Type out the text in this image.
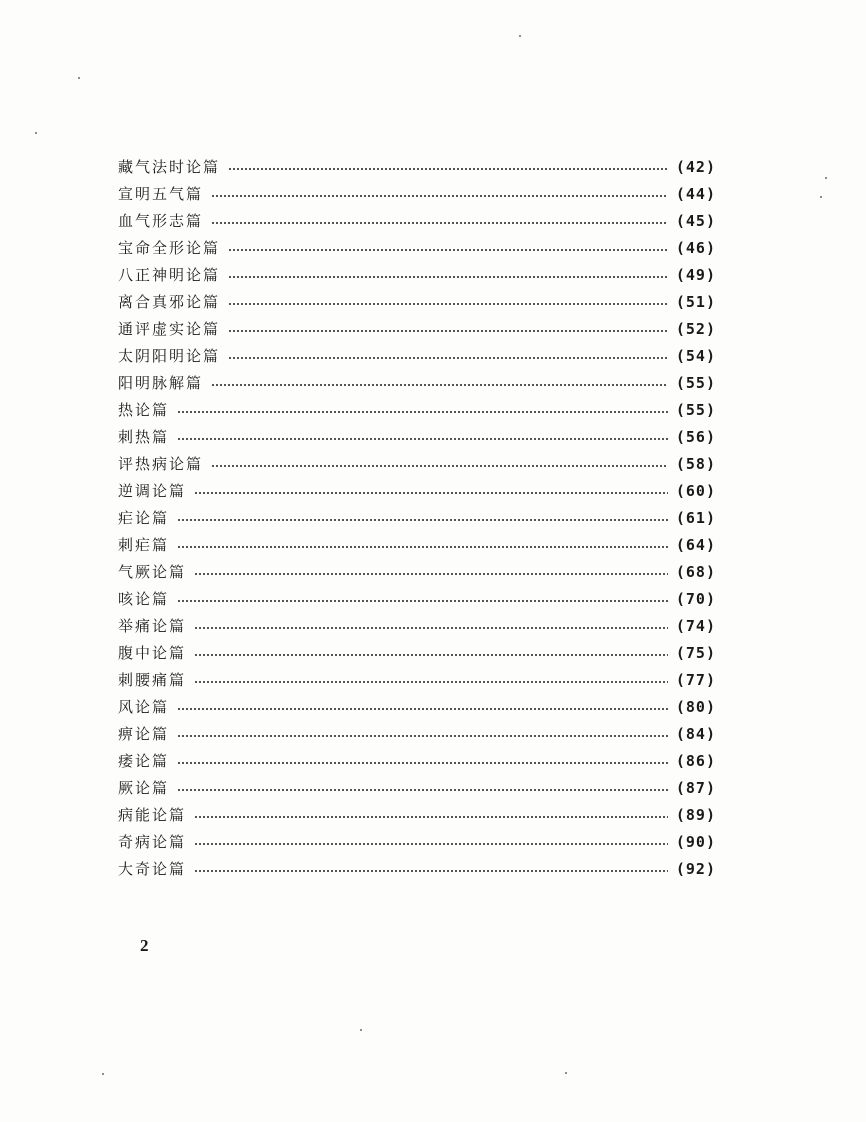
藏气法时论篇	(42)
宣明五气篇	(44)
血气形志篇	(45)
宝命全形论篇	(46)
八正神明论篇	(49)
离合真邪论篇	(51)
通评虚实论篇	(52)
太阴阳明论篇	(54)
阳明脉解篇	(55)
热论篇	(55)
刺热篇	(56)
评热病论篇	(58)
逆调论篇	(60)
疟论篇	(61)
刺疟篇	(64)
气厥论篇	(68)
咳论篇	(70)
举痛论篇	(74)
腹中论篇	(75)
刺腰痛篇	(77)
风论篇	(80)
痹论篇	(84)
痿论篇	(86)
厥论篇	(87)
病能论篇	(89)
奇病论篇	(90)
大奇论篇	(92)
2
